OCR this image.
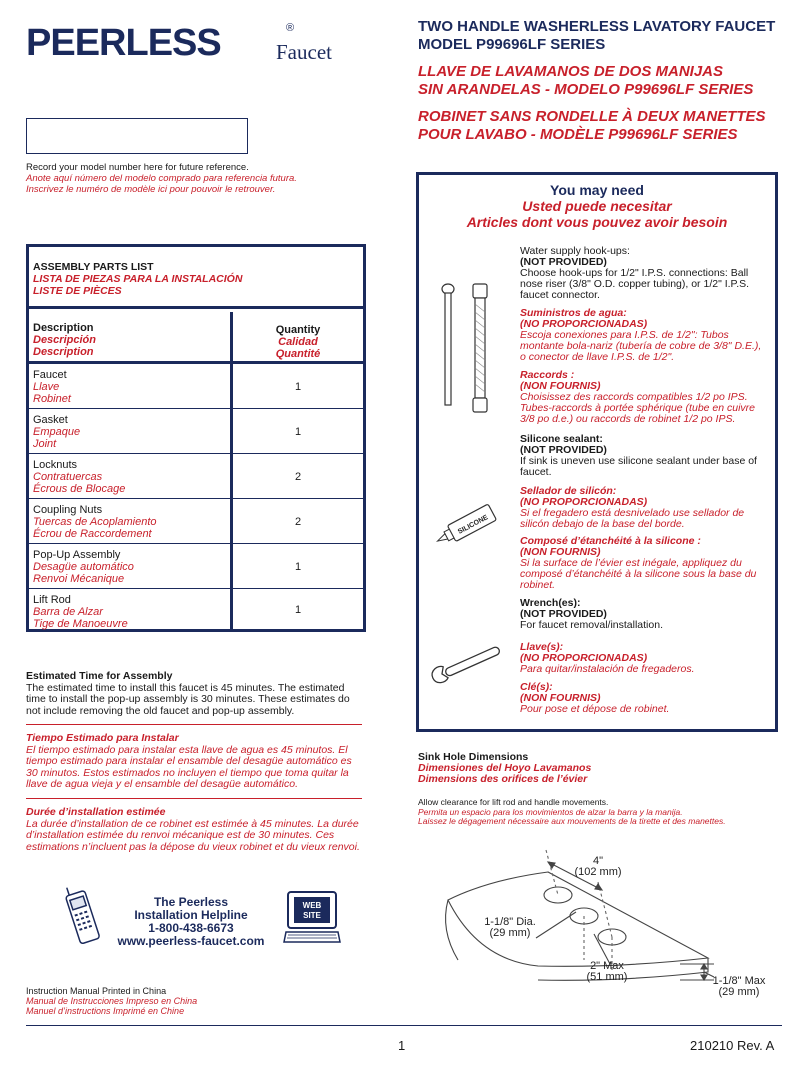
PEERLESS	®
Faucet
TWO HANDLE WASHERLESS LAVATORY FAUCET
MODEL P99696LF SERIES
LLAVE DE LAVAMANOS DE DOS MANIJAS
SIN ARANDELAS - MODELO P99696LF SERIES
ROBINET SANS RONDELLE À DEUX MANETTES
POUR LAVABO - MODÈLE P99696LF SERIES
Record your model number here for future reference.
Anote aquí número del modelo comprado para referencia futura.
Inscrivez le numéro de modèle ici pour pouvoir le retrouver.
ASSEMBLY PARTS LIST
LISTA DE PIEZAS PARA LA INSTALACIÓN
LISTE DE PIÈCES
Description
Descripción
Description
Quantity
Calidad
Quantité
Faucet
Llave
Robinet
1
Gasket
Empaque
Joint
1
Locknuts
Contratuercas
Écrous de Blocage
2
Coupling Nuts
Tuercas de Acoplamiento
Écrou de Raccordement
2
Pop-Up Assembly
Desagüe automático
Renvoi Mécanique
1
Lift Rod
Barra de Alzar
Tige de Manoeuvre
1
Estimated Time for Assembly
The estimated time to install this faucet is 45 minutes. The estimated time to install the pop-up assembly is 30 minutes. These estimates do not include removing the old faucet and pop-up assembly.
Tiempo Estimado para Instalar
El tiempo estimado para instalar esta llave de agua es 45 minutos. El tiempo estimado para instalar el ensamble del desagüe automático es 30 minutos. Estos estimados no incluyen el tiempo que toma quitar la llave de agua vieja y el ensamble del desagüe automático.
Durée d’installation estimée
La durée d’installation de ce robinet est estimée à 45 minutes. La durée d’installation estimée du renvoi mécanique est de 30 minutes. Ces estimations n’incluent pas la dépose du vieux robinet et du vieux renvoi.
The Peerless
Installation Helpline
1-800-438-6673
www.peerless-faucet.com
WEB
SITE
Instruction Manual Printed in China
Manual de Instrucciones Impreso en China
Manuel d’instructions Imprimé en Chine
You may need
Usted puede necesitar
Articles dont vous pouvez avoir besoin
Water supply hook-ups:
(NOT PROVIDED)
Choose hook-ups for 1/2" I.P.S. connections: Ball nose riser (3/8" O.D. copper tubing), or 1/2" I.P.S. faucet connector.
Suministros de agua:
(NO PROPORCIONADAS)
Escoja conexiones para I.P.S. de 1/2": Tubos montante bola-nariz (tubería de cobre de 3/8" D.E.), o conector de llave I.P.S. de 1/2".
Raccords :
(NON FOURNIS)
Choisissez des raccords compatibles 1/2 po IPS. Tubes-raccords à portée sphérique (tube en cuivre 3/8 po d.e.) ou raccords de robinet 1/2 po IPS.
SILICONE
Silicone sealant:
(NOT PROVIDED)
If sink is uneven use silicone sealant under base of faucet.
Sellador de silicón:
(NO PROPORCIONADAS)
Si el fregadero está desnivelado use sellador de silicón debajo de la base del borde.
Composé d’étanchéité à la silicone :
(NON FOURNIS)
Si la surface de l’évier est inégale, appliquez du composé d’étanchéité à la silicone sous la base du robinet.
Wrench(es):
(NOT PROVIDED)
For faucet removal/installation.
Llave(s):
(NO PROPORCIONADAS)
Para quitar/instalación de fregaderos.
Clé(s):
(NON FOURNIS)
Pour pose et dépose de robinet.
Sink Hole Dimensions
Dimensiones del Hoyo Lavamanos
Dimensions des orifices de l’évier
Allow clearance for lift rod and handle movements.
Permita un espacio para los movimientos de alzar la barra y la manija.
Laissez le dégagement nécessaire aux mouvements de la tirette et des manettes.
4"
(102 mm)
1-1/8" Dia.
(29 mm)
2" Max
(51 mm)	1-1/8" Max
(29 mm)
1	210210 Rev. A
